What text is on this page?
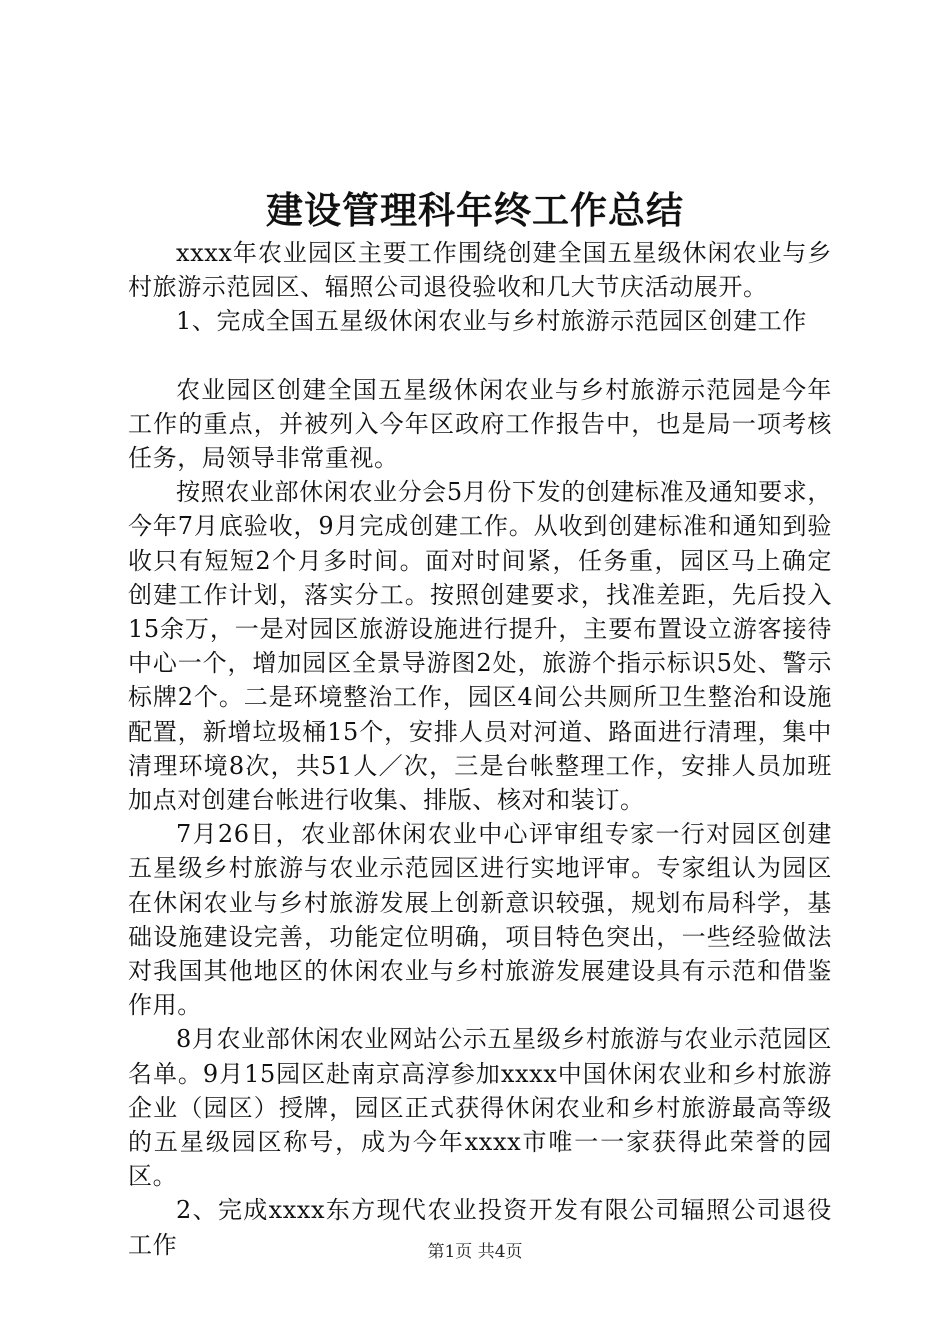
建设管理科年终工作总结

xxxx年农业园区主要工作围绕创建全国五星级休闲农业与乡村旅游示范园区、辐照公司退役验收和几大节庆活动展开。

1、完成全国五星级休闲农业与乡村旅游示范园区创建工作

农业园区创建全国五星级休闲农业与乡村旅游示范园是今年工作的重点，并被列入今年区政府工作报告中，也是局一项考核任务，局领导非常重视。

按照农业部休闲农业分会5月份下发的创建标准及通知要求，今年7月底验收，9月完成创建工作。从收到创建标准和通知到验收只有短短2个月多时间。面对时间紧，任务重，园区马上确定创建工作计划，落实分工。按照创建要求，找准差距，先后投入15余万，一是对园区旅游设施进行提升，主要布置设立游客接待中心一个，增加园区全景导游图2处，旅游个指示标识5处、警示标牌2个。二是环境整治工作，园区4间公共厕所卫生整治和设施配置，新增垃圾桶15个，安排人员对河道、路面进行清理，集中清理环境8次，共51人／次，三是台帐整理工作，安排人员加班加点对创建台帐进行收集、排版、核对和装订。

7月26日，农业部休闲农业中心评审组专家一行对园区创建五星级乡村旅游与农业示范园区进行实地评审。专家组认为园区在休闲农业与乡村旅游发展上创新意识较强，规划布局科学，基础设施建设完善，功能定位明确，项目特色突出，一些经验做法对我国其他地区的休闲农业与乡村旅游发展建设具有示范和借鉴作用。

8月农业部休闲农业网站公示五星级乡村旅游与农业示范园区名单。9月15园区赴南京高淳参加xxxx中国休闲农业和乡村旅游企业（园区）授牌，园区正式获得休闲农业和乡村旅游最高等级的五星级园区称号，成为今年xxxx市唯一一家获得此荣誉的园区。

2、完成xxxx东方现代农业投资开发有限公司辐照公司退役工作	第1页 共4页
